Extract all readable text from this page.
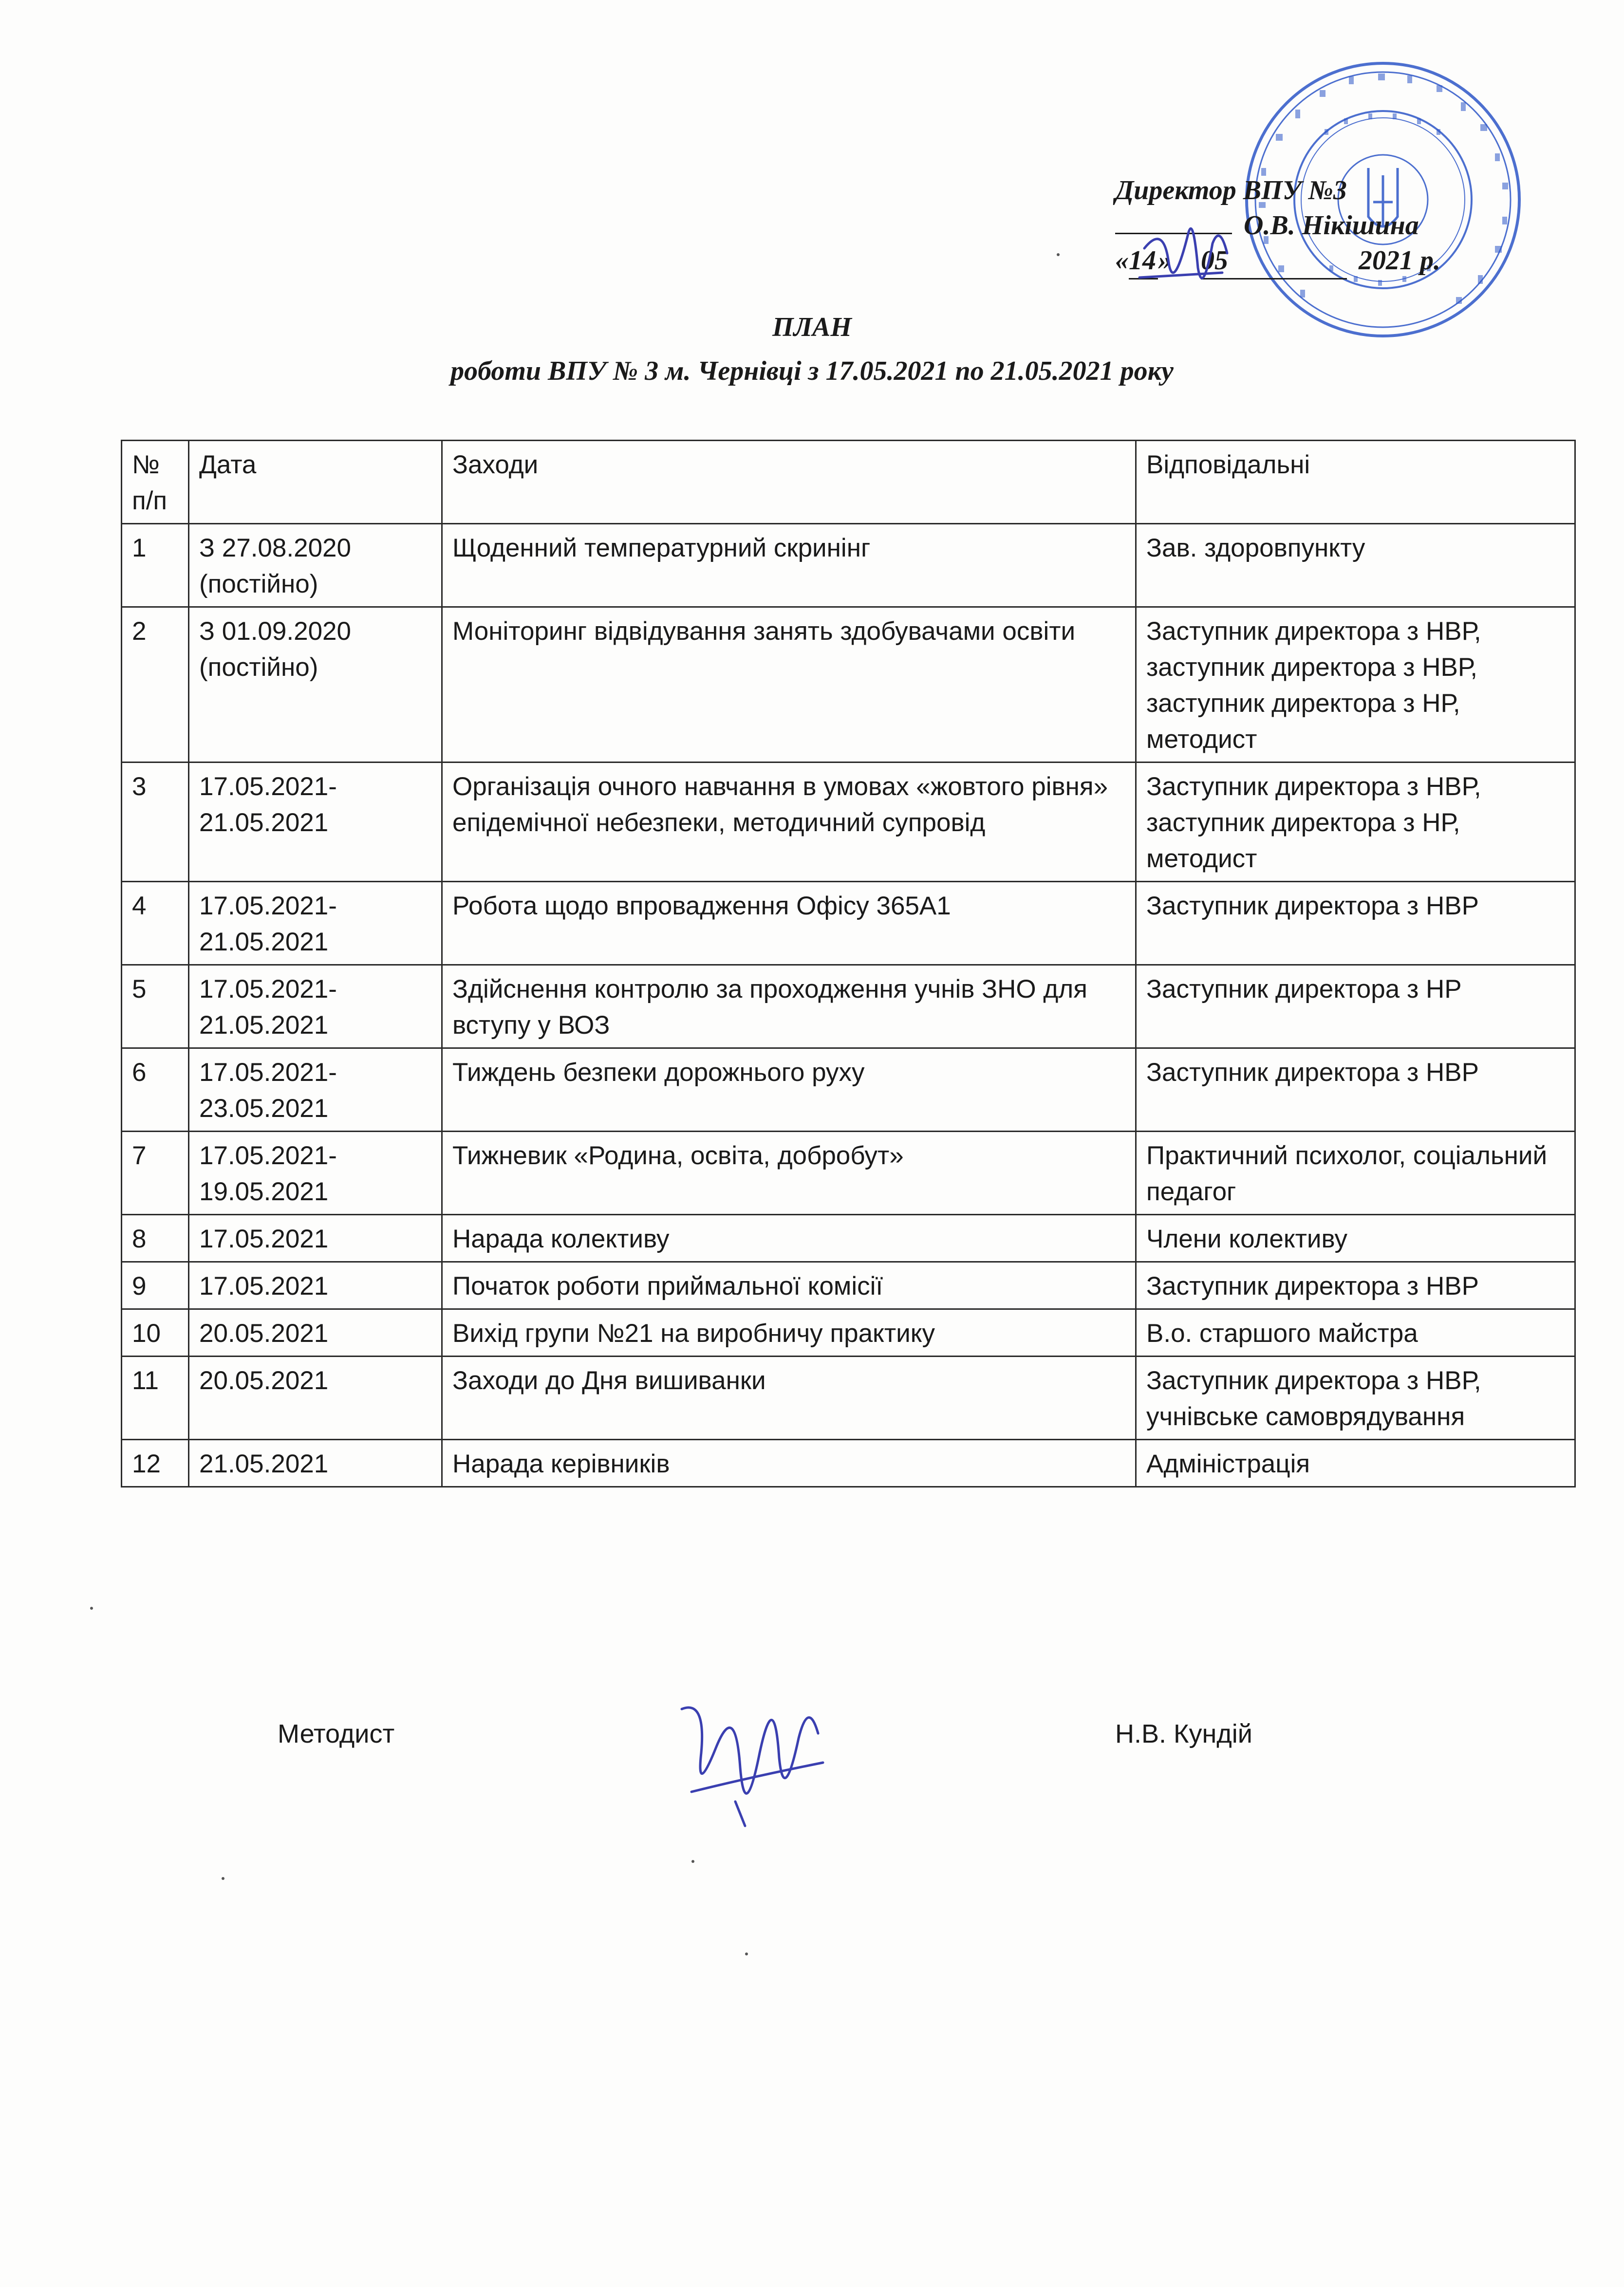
Директор ВПУ №3
О.В. Нікішина
«14» 05	2021 р.
ПЛАН
роботи ВПУ № 3 м. Чернівці з 17.05.2021 по 21.05.2021 року
№ п/п	Дата	Заходи	Відповідальні
1	З 27.08.2020 (постійно)	Щоденний температурний скринінг	Зав. здоровпункту
2	З 01.09.2020 (постійно)	Моніторинг відвідування занять здобувачами освіти	Заступник директора з НВР, заступник директора з НВР, заступник директора з НР, методист
3	17.05.2021-21.05.2021	Організація очного навчання в умовах «жовтого рівня» епідемічної небезпеки, методичний супровід	Заступник директора з НВР, заступник директора з НР, методист
4	17.05.2021-21.05.2021	Робота щодо впровадження Офісу 365А1	Заступник директора з НВР
5	17.05.2021-21.05.2021	Здійснення контролю за проходження учнів ЗНО для вступу у ВОЗ	Заступник директора з НР
6	17.05.2021-23.05.2021	Тиждень безпеки дорожнього руху	Заступник директора з НВР
7	17.05.2021-19.05.2021	Тижневик «Родина, освіта, добробут»	Практичний психолог, соціальний педагог
8	17.05.2021	Нарада колективу	Члени колективу
9	17.05.2021	Початок роботи приймальної комісії	Заступник директора з НВР
10	20.05.2021	Вихід групи №21 на виробничу практику	В.о. старшого майстра
11	20.05.2021	Заходи до Дня вишиванки	Заступник директора з НВР, учнівське самоврядування
12	21.05.2021	Нарада керівників	Адміністрація
Методист	Н.В. Кундій
